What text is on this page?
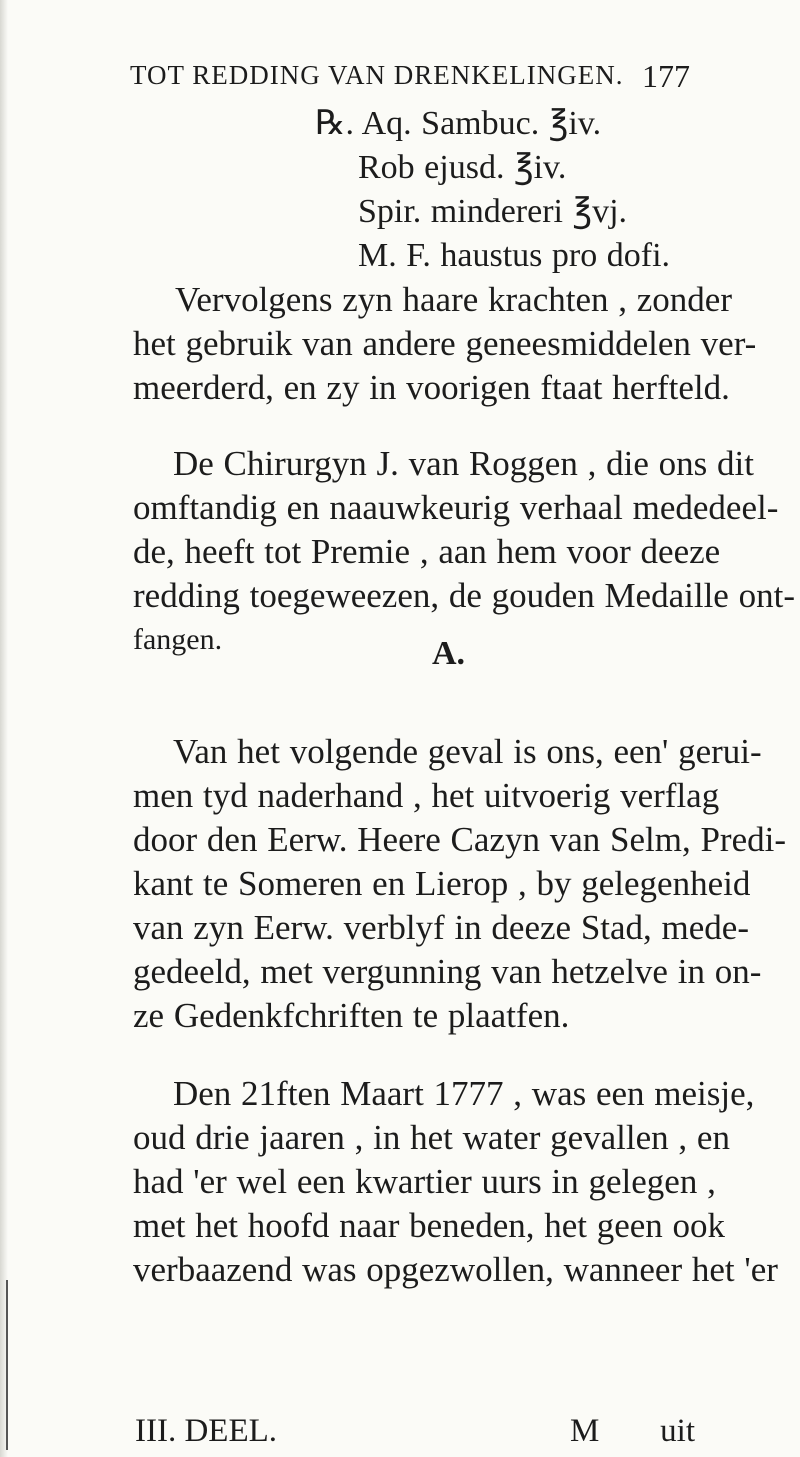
TOT REDDING VAN DRENKELINGEN. 177
℞. Aq. Sambuc. ℥iv.
Rob ejusd. ℥iv.
Spir. mindereri ℥vj.
M. F. haustus pro dofi.
Vervolgens zyn haare krachten , zonder
het gebruik van andere geneesmiddelen ver-
meerderd, en zy in voorigen ftaat herfteld.
De Chirurgyn J. van Roggen , die ons dit
omftandig en naauwkeurig verhaal mededeel-
de, heeft tot Premie , aan hem voor deeze
redding toegeweezen, de gouden Medaille ont-
fangen.	A.
Van het volgende geval is ons, een' gerui-
men tyd naderhand , het uitvoerig verflag
door den Eerw. Heere Cazyn van Selm, Predi-
kant te Someren en Lierop , by gelegenheid
van zyn Eerw. verblyf in deeze Stad, mede-
gedeeld, met vergunning van hetzelve in on-
ze Gedenkfchriften te plaatfen.
Den 21ften Maart 1777 , was een meisje,
oud drie jaaren , in het water gevallen , en
had 'er wel een kwartier uurs in gelegen ,
met het hoofd naar beneden, het geen ook
verbaazend was opgezwollen, wanneer het 'er
III. DEEL.	M uit
